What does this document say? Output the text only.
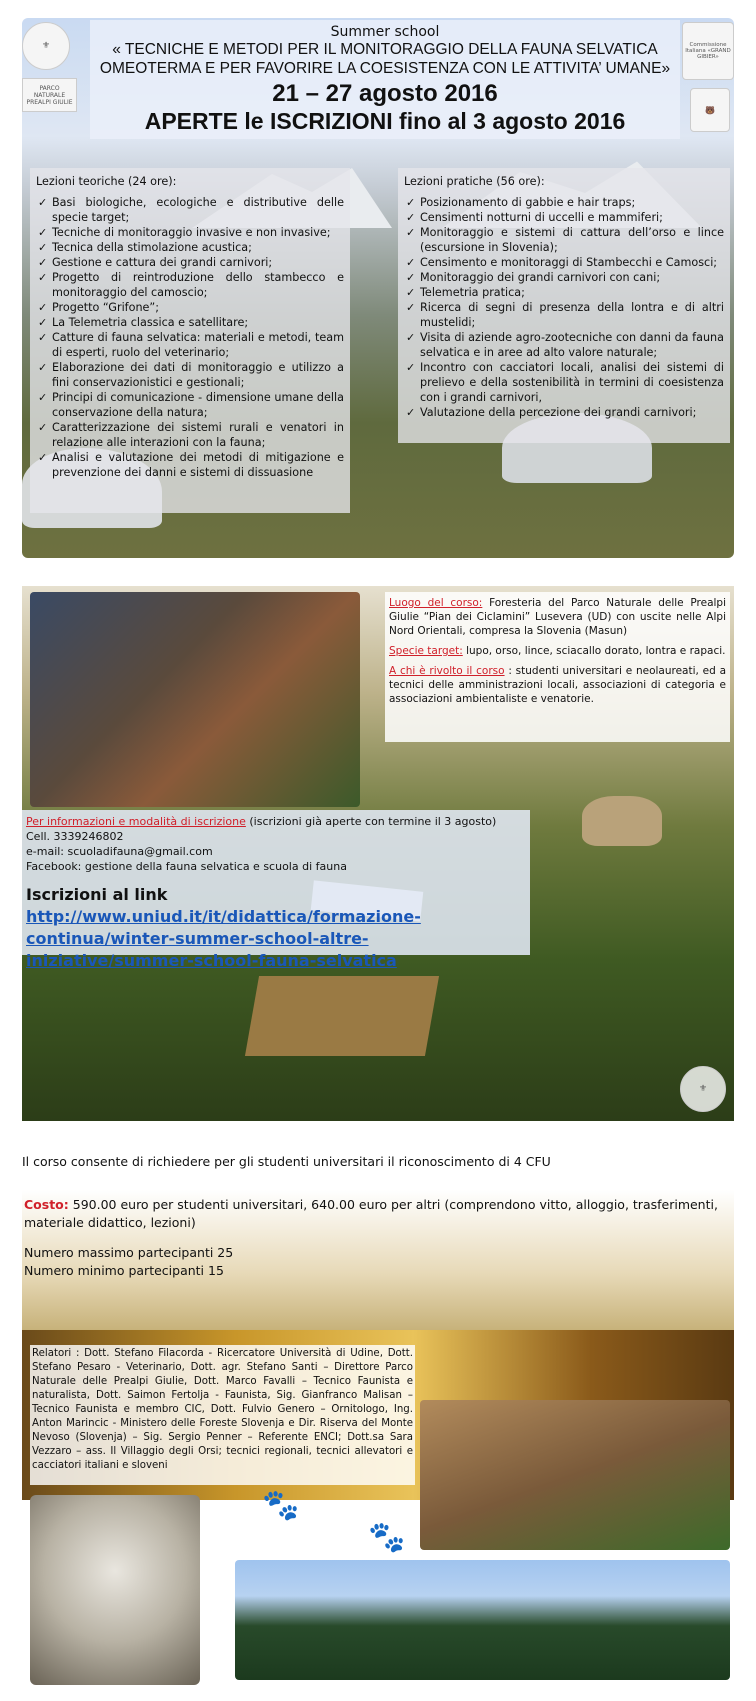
⚜
PARCO NATURALE PREALPI GIULIE
Commissione Italiana «GRAND GIBIER»
🐻
Summer school
« TECNICHE E METODI PER IL MONITORAGGIO DELLA FAUNA SELVATICA
OMEOTERMA E PER FAVORIRE LA COESISTENZA CON LE ATTIVITA’ UMANE»
21 – 27 agosto 2016
APERTE le ISCRIZIONI fino al 3 agosto 2016
Lezioni teoriche (24 ore):
✓ Basi biologiche, ecologiche e distributive delle specie target;
✓ Tecniche di monitoraggio invasive e non invasive;
✓ Tecnica della stimolazione acustica;
✓ Gestione e cattura dei grandi carnivori;
✓ Progetto di reintroduzione dello stambecco e monitoraggio del camoscio;
✓ Progetto “Grifone”;
✓ La Telemetria classica e satellitare;
✓ Catture di fauna selvatica: materiali e metodi, team di esperti, ruolo del veterinario;
✓ Elaborazione dei dati di monitoraggio e utilizzo a fini conservazionistici e gestionali;
✓ Principi di comunicazione - dimensione umane della conservazione della natura;
✓ Caratterizzazione dei sistemi rurali e venatori in relazione alle interazioni con la fauna;
✓ Analisi e valutazione dei metodi di mitigazione e prevenzione dei danni e sistemi di dissuasione
Lezioni pratiche (56 ore):
✓ Posizionamento di gabbie e hair traps;
✓ Censimenti notturni di uccelli e mammiferi;
✓ Monitoraggio e sistemi di cattura dell’orso e lince (escursione in Slovenia);
✓ Censimento e monitoraggi di Stambecchi e Camosci;
✓ Monitoraggio dei grandi carnivori con cani;
✓ Telemetria pratica;
✓ Ricerca di segni di presenza della lontra e di altri mustelidi;
✓ Visita di aziende agro-zootecniche con danni da fauna selvatica e in aree ad alto valore naturale;
✓ Incontro con cacciatori locali, analisi dei sistemi di prelievo e della sostenibilità in termini di coesistenza con i grandi carnivori,
✓ Valutazione della percezione dei grandi carnivori;

Luogo del corso: Foresteria del Parco Naturale delle Prealpi Giulie “Pian dei Ciclamini” Lusevera (UD) con uscite nelle Alpi Nord Orientali, compresa la Slovenia (Masun)

Specie target: lupo, orso, lince, sciacallo dorato, lontra e rapaci.

A chi è rivolto il corso : studenti universitari e neolaureati, ed a tecnici delle amministrazioni locali, associazioni di categoria e associazioni ambientaliste e venatorie.

Per informazioni e modalità di iscrizione (iscrizioni già aperte con termine il 3 agosto)
Cell. 3339246802
e-mail: scuoladifauna@gmail.com
Facebook: gestione della fauna selvatica e scuola di fauna
Iscrizioni al link http://www.uniud.it/it/didattica/formazione-continua/winter-summer-school-altre-iniziative/summer-school-fauna-selvatica
⚜
Il corso consente di richiedere per gli studenti universitari il riconoscimento di 4 CFU
Costo: 590.00 euro per studenti universitari, 640.00 euro per altri (comprendono vitto, alloggio, trasferimenti, materiale didattico, lezioni)
Numero massimo partecipanti 25
Numero minimo partecipanti 15
Relatori : Dott. Stefano Filacorda - Ricercatore Università di Udine, Dott. Stefano Pesaro - Veterinario, Dott. agr. Stefano Santi – Direttore Parco Naturale delle Prealpi Giulie, Dott. Marco Favalli – Tecnico Faunista e naturalista, Dott. Saimon Fertolja - Faunista, Sig. Gianfranco Malisan – Tecnico Faunista e membro CIC, Dott. Fulvio Genero – Ornitologo, Ing. Anton Marincic - Ministero delle Foreste Slovenja e Dir. Riserva del Monte Nevoso (Slovenja) – Sig. Sergio Penner – Referente ENCI; Dott.sa Sara Vezzaro – ass. Il Villaggio degli Orsi; tecnici regionali, tecnici allevatori e cacciatori italiani e sloveni
🐾
🐾
